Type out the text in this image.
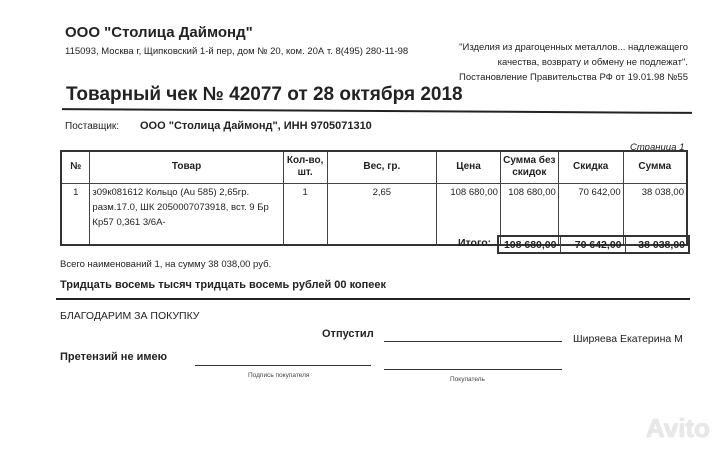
ООО "Столица Даймонд"
115093, Москва г, Щипковский 1-й пер, дом № 20, ком. 20А т. 8(495) 280-11-98	"Изделия из драгоценных металлов... надлежащего
качества, возврату и обмену не подлежат".
Постановление Правительства РФ от 19.01.98 №55
Товарный чек № 42077 от 28 октября 2018
Поставщик: ООО "Столица Даймонд", ИНН 9705071310
Страница 1
№	Товар	Кол-во, шт.	Вес, гр.	Цена	Сумма без скидок	Скидка	Сумма
1	з09к081612 Кольцо (Au 585) 2,65гр. разм.17.0, ШК 2050007073918, вст. 9 Бр Кр57 0,361 3/6А-	1	2,65	108 680,00	108 680,00	70 642,00	38 038,00
Итого: 108 680,00	70 642,00	38 038,00
Всего наименований 1, на сумму 38 038,00 руб.
Тридцать восемь тысяч тридцать восемь рублей 00 копеек
БЛАГОДАРИМ ЗА ПОКУПКУ
Отпустил	Ширяева Екатерина М
Претензий не имею
Подпись покупателя
Покупатель
Avito
